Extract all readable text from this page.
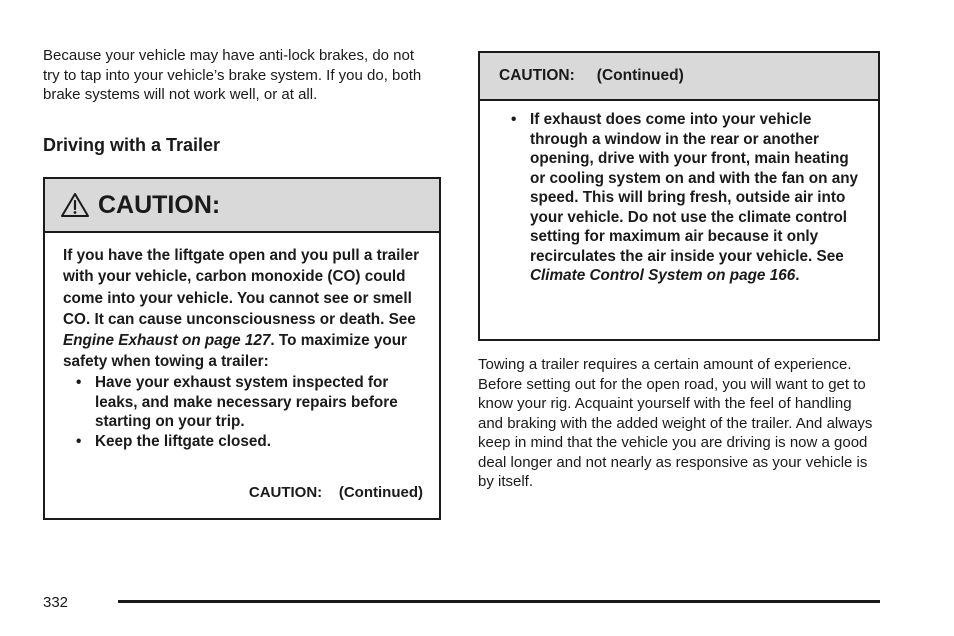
Because your vehicle may have anti-lock brakes, do not try to tap into your vehicle’s brake system. If you do, both brake systems will not work well, or at all.

Driving with a Trailer
CAUTION:

If you have the liftgate open and you pull a trailer with your vehicle, carbon monoxide (CO) could come into your vehicle. You cannot see or smell CO. It can cause unconsciousness or death. See Engine Exhaust on page 127. To maximize your safety when towing a trailer:

• Have your exhaust system inspected for leaks, and make necessary repairs before starting on your trip.
• Keep the liftgate closed.
CAUTION: (Continued)
CAUTION: (Continued)
• If exhaust does come into your vehicle through a window in the rear or another opening, drive with your front, main heating or cooling system on and with the fan on any speed. This will bring fresh, outside air into your vehicle. Do not use the climate control setting for maximum air because it only recirculates the air inside your vehicle. See Climate Control System on page 166.

Towing a trailer requires a certain amount of experience. Before setting out for the open road, you will want to get to know your rig. Acquaint yourself with the feel of handling and braking with the added weight of the trailer. And always keep in mind that the vehicle you are driving is now a good deal longer and not nearly as responsive as your vehicle is by itself.

332
